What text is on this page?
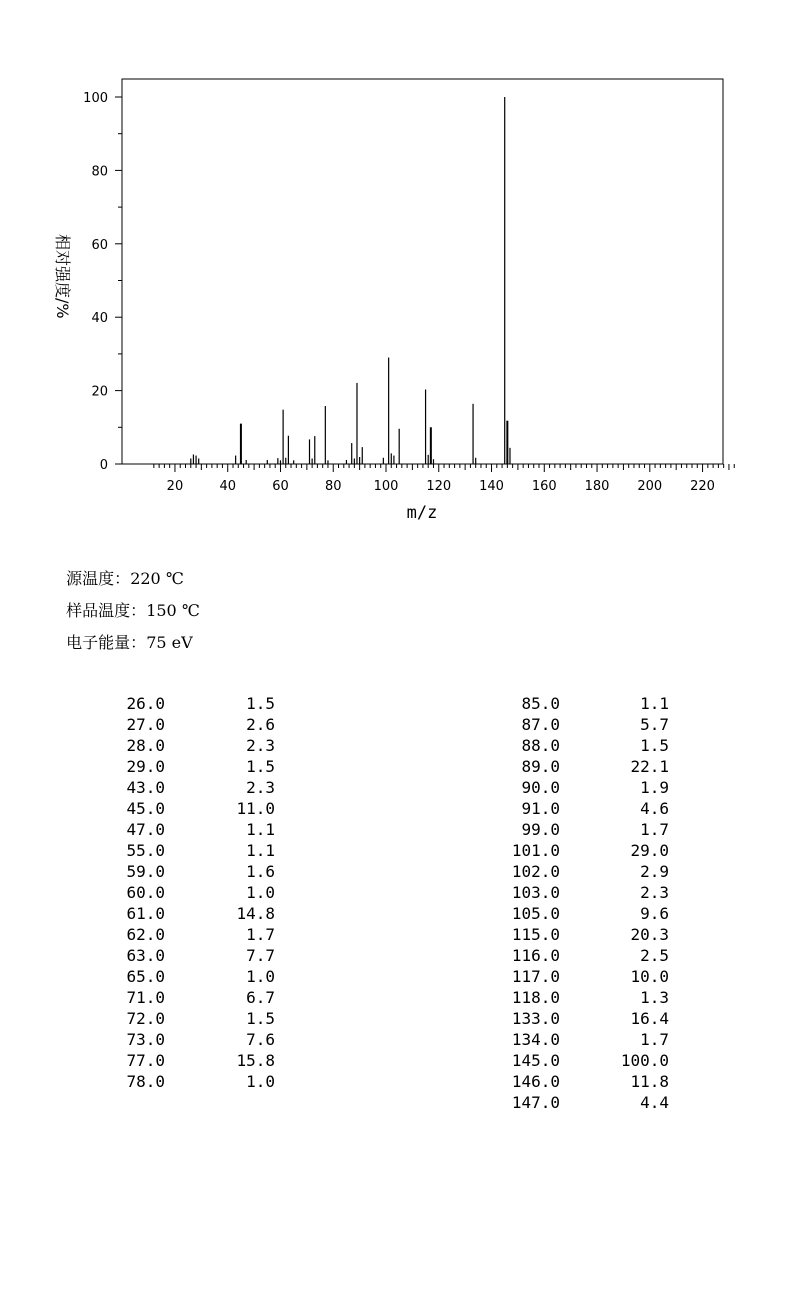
0
20
40
60
80
100
20	40	60	80 100 120 140 160 180 200 220
相对强度/%
m/z

源温度：220 ℃

样品温度：150 ℃

电子能量：75 eV

26.0	1.5
27.0	2.6
28.0	2.3
29.0	1.5
43.0	2.3
45.0	11.0
47.0	1.1
55.0	1.1
59.0	1.6
60.0	1.0
61.0	14.8
62.0	1.7
63.0	7.7
65.0	1.0
71.0	6.7
72.0	1.5
73.0	7.6
77.0	15.8
78.0	1.0
85.0	1.1
87.0	5.7
88.0	1.5
89.0	22.1
90.0	1.9
91.0	4.6
99.0	1.7
101.0	29.0
102.0	2.9
103.0	2.3
105.0	9.6
115.0	20.3
116.0	2.5
117.0	10.0
118.0	1.3
133.0	16.4
134.0	1.7
145.0	100.0
146.0	11.8
147.0	4.4
